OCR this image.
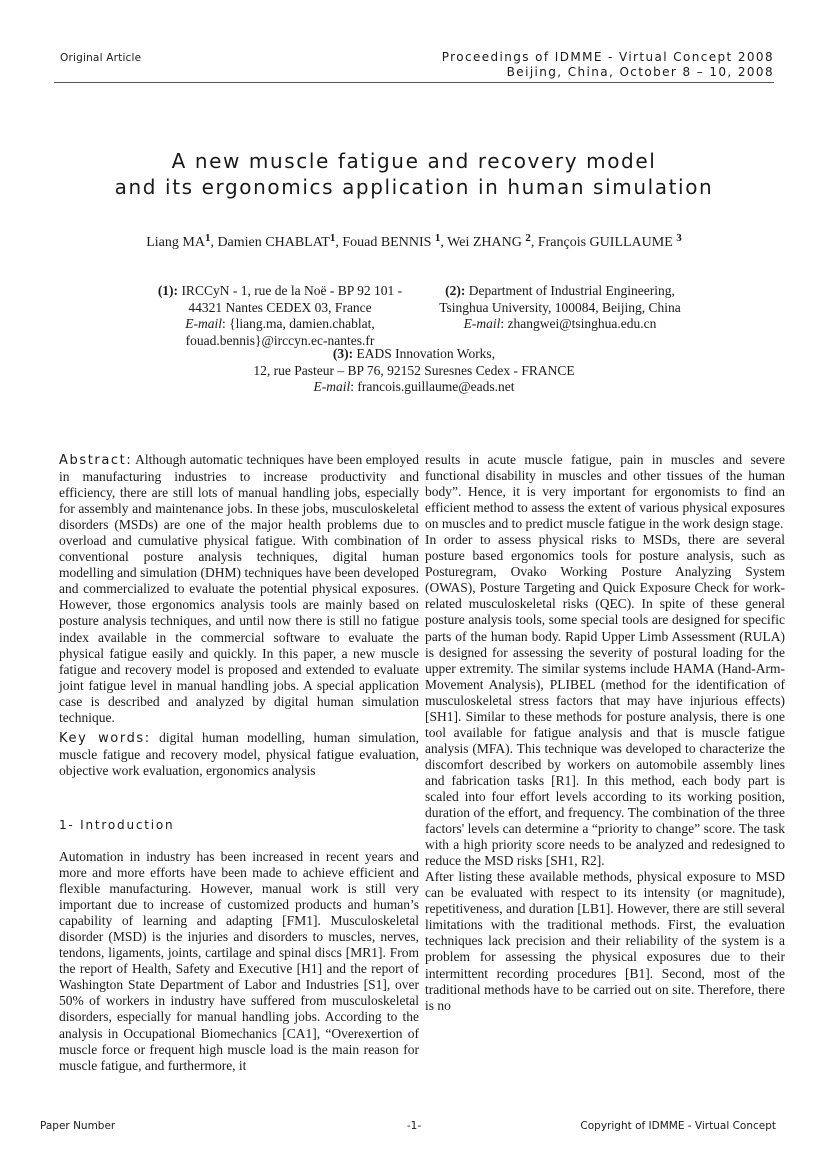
Original Article	Proceedings of IDMME - Virtual Concept 2008
Beijing, China, October 8 – 10, 2008
A new muscle fatigue and recovery model
and its ergonomics application in human simulation
Liang $MA^1$, Damien CHABLAT$^1$, Fouad BENNIS $^1$, Wei ZHANG $^2$, François GUILLAUME $^3$
(1): IRCCyN - 1, rue de la Noë - BP 92 101 -
44321 Nantes CEDEX 03, France
E-mail: {liang.ma, damien.chablat,
fouad.bennis}@irccyn.ec-nantes.fr
(2): Department of Industrial Engineering,
Tsinghua University, 100084, Beijing, China
E-mail: zhangwei@tsinghua.edu.cn
(3): EADS Innovation Works,
12, rue Pasteur – BP 76, 92152 Suresnes Cedex - FRANCE
E-mail: francois.guillaume@eads.net

Abstract: Although automatic techniques have been employed in manufacturing industries to increase productivity and efficiency, there are still lots of manual handling jobs, especially for assembly and maintenance jobs. In these jobs, musculoskeletal disorders (MSDs) are one of the major health problems due to overload and cumulative physical fatigue. With combination of conventional posture analysis techniques, digital human modelling and simulation (DHM) techniques have been developed and commercialized to evaluate the potential physical exposures. However, those ergonomics analysis tools are mainly based on posture analysis techniques, and until now there is still no fatigue index available in the commercial software to evaluate the physical fatigue easily and quickly. In this paper, a new muscle fatigue and recovery model is proposed and extended to evaluate joint fatigue level in manual handling jobs. A special application case is described and analyzed by digital human simulation technique.

Key words: digital human modelling, human simulation, muscle fatigue and recovery model, physical fatigue evaluation, objective work evaluation, ergonomics analysis

1- Introduction

Automation in industry has been increased in recent years and more and more efforts have been made to achieve efficient and flexible manufacturing. However, manual work is still very important due to increase of customized products and human’s capability of learning and adapting [FM1]. Musculoskeletal disorder (MSD) is the injuries and disorders to muscles, nerves, tendons, ligaments, joints, cartilage and spinal discs [MR1]. From the report of Health, Safety and Executive [H1] and the report of Washington State Department of Labor and Industries [S1], over 50% of workers in industry have suffered from musculoskeletal disorders, especially for manual handling jobs. According to the analysis in Occupational Biomechanics [CA1], “Overexertion of muscle force or frequent high muscle load is the main reason for muscle fatigue, and furthermore, it

results in acute muscle fatigue, pain in muscles and severe functional disability in muscles and other tissues of the human body”. Hence, it is very important for ergonomists to find an efficient method to assess the extent of various physical exposures on muscles and to predict muscle fatigue in the work design stage.

In order to assess physical risks to MSDs, there are several posture based ergonomics tools for posture analysis, such as Posturegram, Ovako Working Posture Analyzing System (OWAS), Posture Targeting and Quick Exposure Check for work-related musculoskeletal risks (QEC). In spite of these general posture analysis tools, some special tools are designed for specific parts of the human body. Rapid Upper Limb Assessment (RULA) is designed for assessing the severity of postural loading for the upper extremity. The similar systems include HAMA (Hand-Arm-Movement Analysis), PLIBEL (method for the identification of musculoskeletal stress factors that may have injurious effects) [SH1]. Similar to these methods for posture analysis, there is one tool available for fatigue analysis and that is muscle fatigue analysis (MFA). This technique was developed to characterize the discomfort described by workers on automobile assembly lines and fabrication tasks [R1]. In this method, each body part is scaled into four effort levels according to its working position, duration of the effort, and frequency. The combination of the three factors' levels can determine a “priority to change” score. The task with a high priority score needs to be analyzed and redesigned to reduce the MSD risks [SH1, R2].

After listing these available methods, physical exposure to MSD can be evaluated with respect to its intensity (or magnitude), repetitiveness, and duration [LB1]. However, there are still several limitations with the traditional methods. First, the evaluation techniques lack precision and their reliability of the system is a problem for assessing the physical exposures due to their intermittent recording procedures [B1]. Second, most of the traditional methods have to be carried out on site. Therefore, there is no

Paper Number	-1-	Copyright of IDMME - Virtual Concept
